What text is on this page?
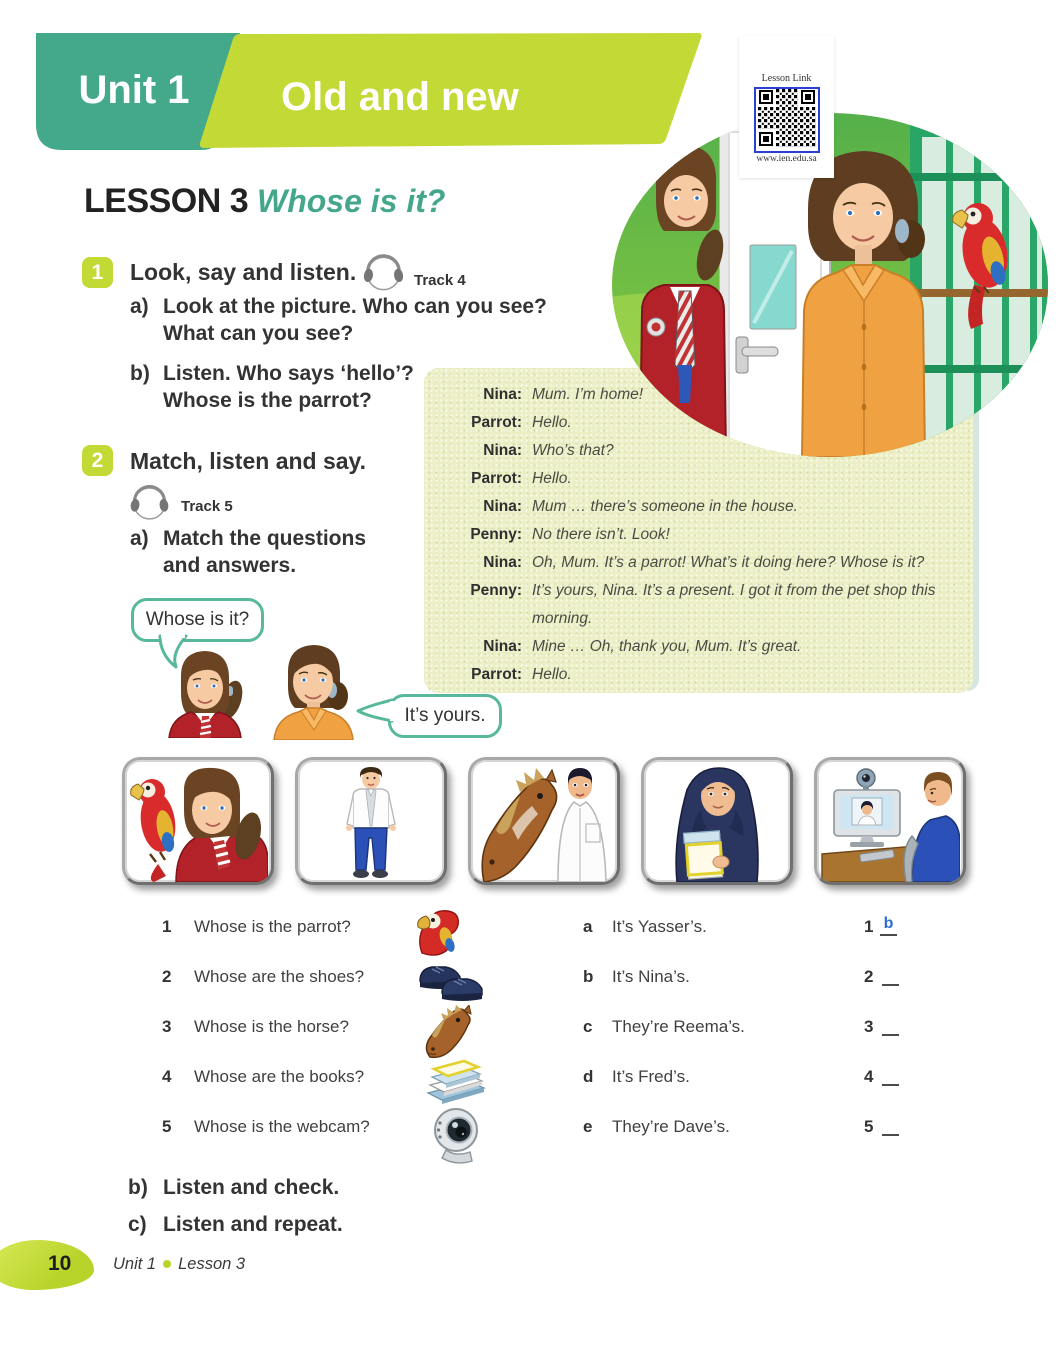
Unit 1	Old and new
LESSON 3 Whose is it?
1	Look, say and listen.	Track 4
a) Look at the picture. Who can you see?
What can you see?
b) Listen. Who says ‘hello’?
Whose is the parrot?
2	Match, listen and say.
Track 5
a) Match the questions
and answers.
Nina: Mum. I’m home!
Parrot: Hello.
Nina: Who’s that?
Parrot: Hello.
Nina: Mum … there’s someone in the house.
Penny: No there isn’t. Look!
Nina: Oh, Mum. It’s a parrot! What’s it doing here? Whose is it?
Penny: It’s yours, Nina. It’s a present. I got it from the pet shop this morning.
Nina: Mine … Oh, thank you, Mum. It’s great.
Parrot: Hello.
Lesson Link
www.ien.edu.sa
Whose is it?
It’s yours.
1 Whose is the parrot?	a It’s Yasser’s.	1 b
2 Whose are the shoes?	b It’s Nina’s.	2
3 Whose is the horse?	c They’re Reema’s.	3
4 Whose are the books?	d It’s Fred’s.	4
5 Whose is the webcam?	e They’re Dave’s.	5
b) Listen and check.
c) Listen and repeat.
10	Unit 1 Lesson 3
